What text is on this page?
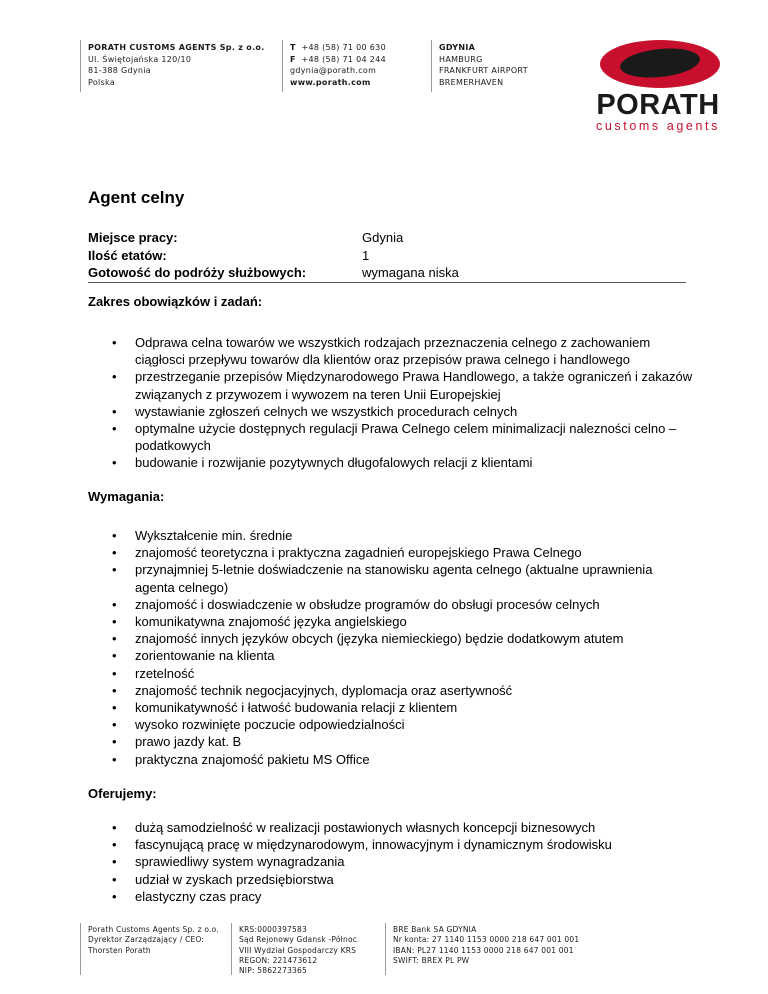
PORATH CUSTOMS AGENTS Sp. z o.o.
Ul. Świętojańska 120/10
81-388 Gdynia
Polska
T +48 (58) 71 00 630
F +48 (58) 71 04 244
gdynia@porath.com
www.porath.com
GDYNIA
HAMBURG
FRANKFURT AIRPORT
BREMERHAVEN
PORATH
customs agents
Agent celny
Miejsce pracy:	Gdynia
Ilość etatów:	1
Gotowość do podróży służbowych:	wymagana niska
Zakres obowiązków i zadań:
• Odprawa celna towarów we wszystkich rodzajach przeznaczenia celnego z zachowaniem ciągłosci przepływu towarów dla klientów oraz przepisów prawa celnego i handlowego
• przestrzeganie przepisów Międzynarodowego Prawa Handlowego, a także ograniczeń i zakazów związanych z przywozem i wywozem na teren Unii Europejskiej
• wystawianie zgłoszeń celnych we wszystkich procedurach celnych
• optymalne użycie dostępnych regulacji Prawa Celnego celem minimalizacji nalezności celno – podatkowych
• budowanie i rozwijanie pozytywnych długofalowych relacji z klientami
Wymagania:
• Wykształcenie min. średnie
• znajomość teoretyczna i praktyczna zagadnień europejskiego Prawa Celnego
• przynajmniej 5-letnie doświadczenie na stanowisku agenta celnego (aktualne uprawnienia agenta celnego)
• znajomość i doswiadczenie w obsłudze programów do obsługi procesów celnych
• komunikatywna znajomość języka angielskiego
• znajomość innych języków obcych (języka niemieckiego) będzie dodatkowym atutem
• zorientowanie na klienta
• rzetelność
• znajomość technik negocjacyjnych, dyplomacja oraz asertywność
• komunikatywność i łatwość budowania relacji z klientem
• wysoko rozwinięte poczucie odpowiedzialności
• prawo jazdy kat. B
• praktyczna znajomość pakietu MS Office
Oferujemy:
• dużą samodzielność w realizacji postawionych własnych koncepcji biznesowych
• fascynującą pracę w międzynarodowym, innowacyjnym i dynamicznym środowisku
• sprawiedliwy system wynagradzania
• udział w zyskach przedsiębiorstwa
• elastyczny czas pracy
Porath Customs Agents Sp. z o.o.
Dyrektor Zarządzający / CEO:
Thorsten Porath
KRS:0000397583
Sąd Rejonowy Gdansk -Północ
VIII Wydział Gospodarczy KRS
REGON: 221473612
NIP: 5862273365
BRE Bank SA GDYNIA
Nr konta: 27 1140 1153 0000 218 647 001 001
IBAN: PL27 1140 1153 0000 218 647 001 001
SWIFT: BREX PL PW
